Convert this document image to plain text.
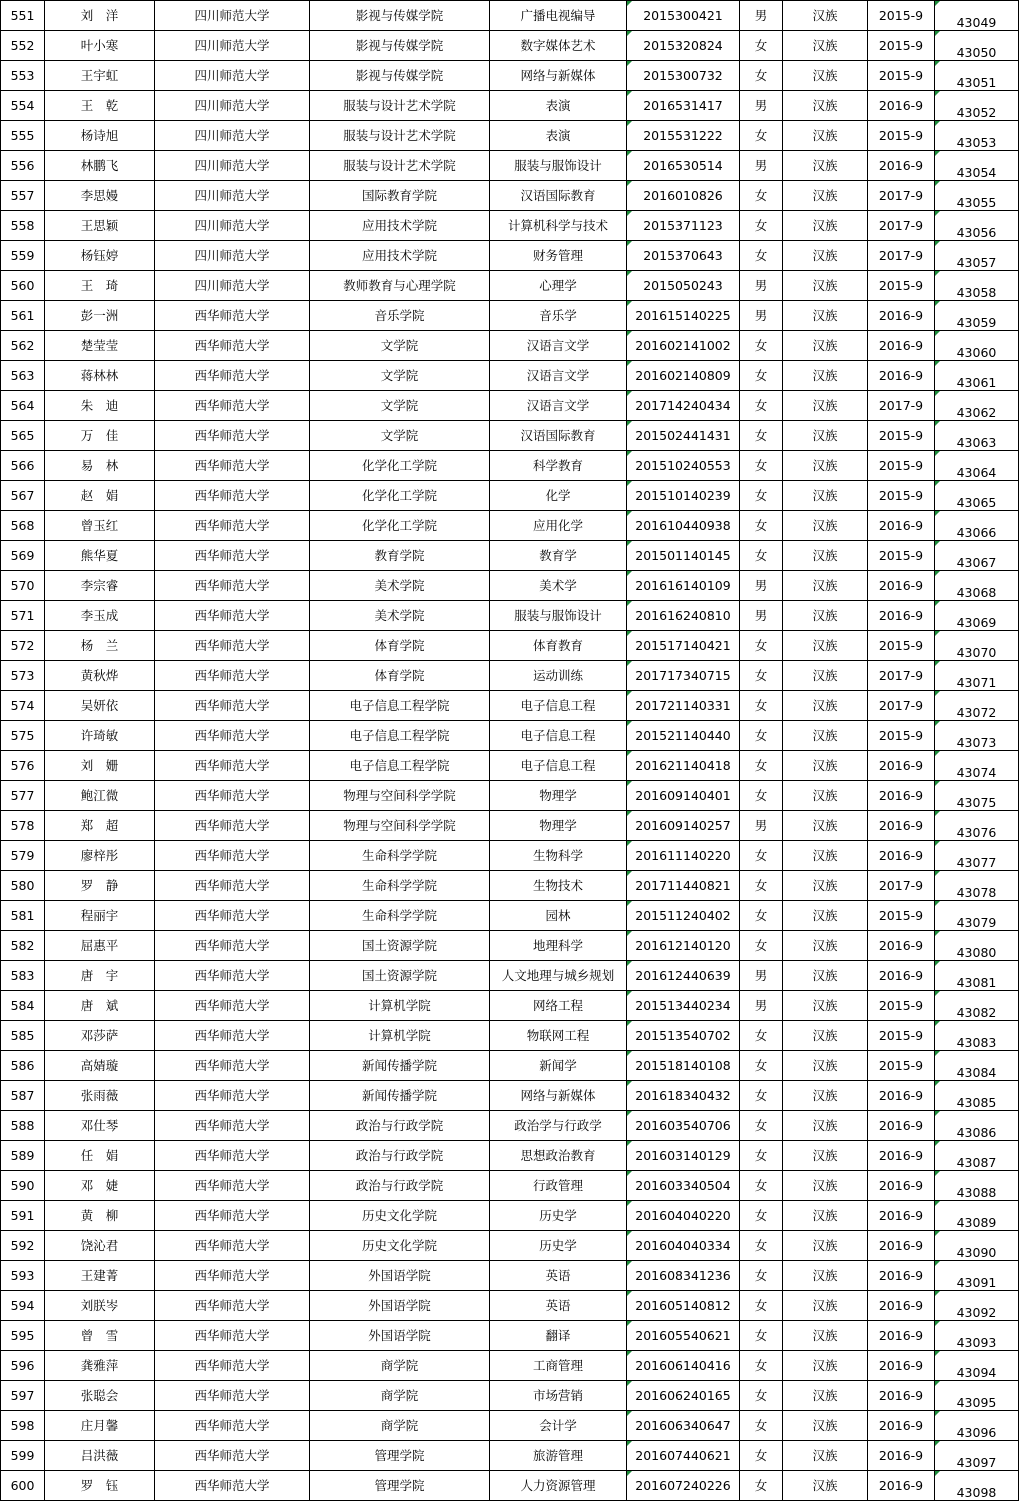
551	刘　洋	四川师范大学	影视与传媒学院	广播电视编导	2015300421	男	汉族	2015-9	43049
552	叶小寒	四川师范大学	影视与传媒学院	数字媒体艺术	2015320824	女	汉族	2015-9	43050
553	王宇虹	四川师范大学	影视与传媒学院	网络与新媒体	2015300732	女	汉族	2015-9	43051
554	王　乾	四川师范大学	服装与设计艺术学院	表演	2016531417	男	汉族	2016-9	43052
555	杨诗旭	四川师范大学	服装与设计艺术学院	表演	2015531222	女	汉族	2015-9	43053
556	林鹏飞	四川师范大学	服装与设计艺术学院	服装与服饰设计	2016530514	男	汉族	2016-9	43054
557	李思嫚	四川师范大学	国际教育学院	汉语国际教育	2016010826	女	汉族	2017-9	43055
558	王思颖	四川师范大学	应用技术学院	计算机科学与技术	2015371123	女	汉族	2017-9	43056
559	杨钰婷	四川师范大学	应用技术学院	财务管理	2015370643	女	汉族	2017-9	43057
560	王　琦	四川师范大学	教师教育与心理学院	心理学	2015050243	男	汉族	2015-9	43058
561	彭一洲	西华师范大学	音乐学院	音乐学	201615140225	男	汉族	2016-9	43059
562	楚莹莹	西华师范大学	文学院	汉语言文学	201602141002	女	汉族	2016-9	43060
563	蒋林林	西华师范大学	文学院	汉语言文学	201602140809	女	汉族	2016-9	43061
564	朱　迪	西华师范大学	文学院	汉语言文学	201714240434	女	汉族	2017-9	43062
565	万　佳	西华师范大学	文学院	汉语国际教育	201502441431	女	汉族	2015-9	43063
566	易　林	西华师范大学	化学化工学院	科学教育	201510240553	女	汉族	2015-9	43064
567	赵　娟	西华师范大学	化学化工学院	化学	201510140239	女	汉族	2015-9	43065
568	曾玉红	西华师范大学	化学化工学院	应用化学	201610440938	女	汉族	2016-9	43066
569	熊华夏	西华师范大学	教育学院	教育学	201501140145	女	汉族	2015-9	43067
570	李宗睿	西华师范大学	美术学院	美术学	201616140109	男	汉族	2016-9	43068
571	李玉成	西华师范大学	美术学院	服装与服饰设计	201616240810	男	汉族	2016-9	43069
572	杨　兰	西华师范大学	体育学院	体育教育	201517140421	女	汉族	2015-9	43070
573	黄秋烨	西华师范大学	体育学院	运动训练	201717340715	女	汉族	2017-9	43071
574	吴妍依	西华师范大学	电子信息工程学院	电子信息工程	201721140331	女	汉族	2017-9	43072
575	许琦敏	西华师范大学	电子信息工程学院	电子信息工程	201521140440	女	汉族	2015-9	43073
576	刘　姗	西华师范大学	电子信息工程学院	电子信息工程	201621140418	女	汉族	2016-9	43074
577	鲍江微	西华师范大学	物理与空间科学学院	物理学	201609140401	女	汉族	2016-9	43075
578	郑　超	西华师范大学	物理与空间科学学院	物理学	201609140257	男	汉族	2016-9	43076
579	廖梓彤	西华师范大学	生命科学学院	生物科学	201611140220	女	汉族	2016-9	43077
580	罗　静	西华师范大学	生命科学学院	生物技术	201711440821	女	汉族	2017-9	43078
581	程丽宇	西华师范大学	生命科学学院	园林	201511240402	女	汉族	2015-9	43079
582	屈惠平	西华师范大学	国土资源学院	地理科学	201612140120	女	汉族	2016-9	43080
583	唐　宇	西华师范大学	国土资源学院	人文地理与城乡规划	201612440639	男	汉族	2016-9	43081
584	唐　斌	西华师范大学	计算机学院	网络工程	201513440234	男	汉族	2015-9	43082
585	邓莎萨	西华师范大学	计算机学院	物联网工程	201513540702	女	汉族	2015-9	43083
586	高婧璇	西华师范大学	新闻传播学院	新闻学	201518140108	女	汉族	2015-9	43084
587	张雨薇	西华师范大学	新闻传播学院	网络与新媒体	201618340432	女	汉族	2016-9	43085
588	邓仕琴	西华师范大学	政治与行政学院	政治学与行政学	201603540706	女	汉族	2016-9	43086
589	任　娟	西华师范大学	政治与行政学院	思想政治教育	201603140129	女	汉族	2016-9	43087
590	邓　婕	西华师范大学	政治与行政学院	行政管理	201603340504	女	汉族	2016-9	43088
591	黄　柳	西华师范大学	历史文化学院	历史学	201604040220	女	汉族	2016-9	43089
592	饶沁君	西华师范大学	历史文化学院	历史学	201604040334	女	汉族	2016-9	43090
593	王建菁	西华师范大学	外国语学院	英语	201608341236	女	汉族	2016-9	43091
594	刘朕岑	西华师范大学	外国语学院	英语	201605140812	女	汉族	2016-9	43092
595	曾　雪	西华师范大学	外国语学院	翻译	201605540621	女	汉族	2016-9	43093
596	龚雅萍	西华师范大学	商学院	工商管理	201606140416	女	汉族	2016-9	43094
597	张聪会	西华师范大学	商学院	市场营销	201606240165	女	汉族	2016-9	43095
598	庄月馨	西华师范大学	商学院	会计学	201606340647	女	汉族	2016-9	43096
599	吕洪薇	西华师范大学	管理学院	旅游管理	201607440621	女	汉族	2016-9	43097
600	罗　钰	西华师范大学	管理学院	人力资源管理	201607240226	女	汉族	2016-9	43098
